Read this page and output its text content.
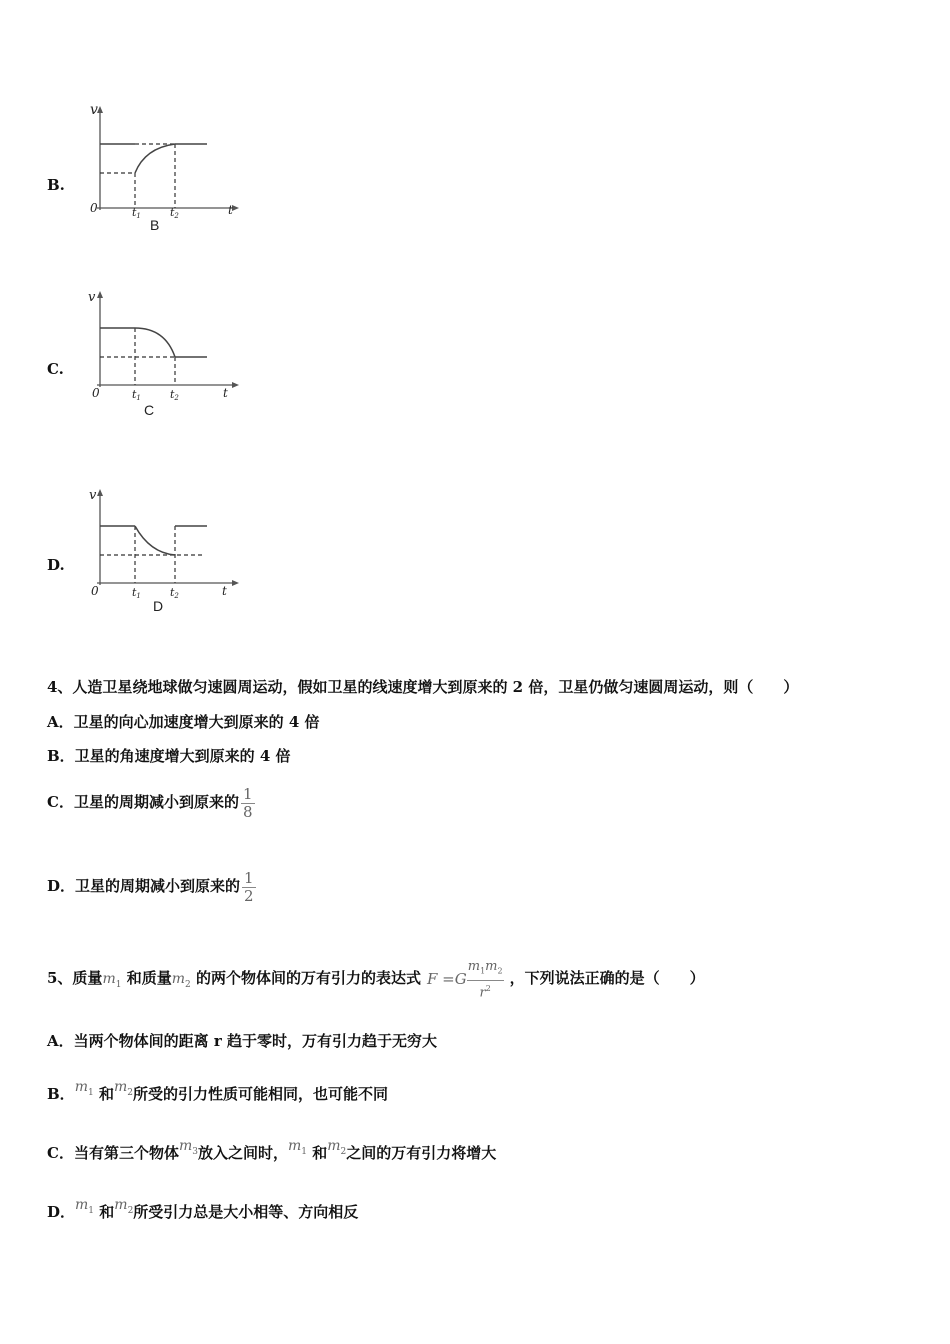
B.
v
0	t
t1	t2
B
C.
v
0	t
t1	t2
C
D.
v
0	t
t1	t2
D
4、人造卫星绕地球做匀速圆周运动，假如卫星的线速度增大到原来的 2 倍，卫星仍做匀速圆周运动，则（　　）
A．卫星的向心加速度增大到原来的 4 倍
B．卫星的角速度增大到原来的 4 倍
C．卫星的周期减小到原来的 $\frac{1}{8}$
D．卫星的周期减小到原来的 $\frac{1}{2}$
5、质量$m_1$ 和质量$m_2$ 的两个物体间的万有引力的表达式 $F =G \frac{m_1m_2}{r^2}$ ，下列说法正确的是（　　）
A．当两个物体间的距离 r 趋于零时，万有引力趋于无穷大
B．$m_1$ 和$m_2$所受的引力性质可能相同，也可能不同
C．当有第三个物体$m_3$放入之间时，$m_1$ 和$m_2$之间的万有引力将增大
D．$m_1$ 和$m_2$所受引力总是大小相等、方向相反
